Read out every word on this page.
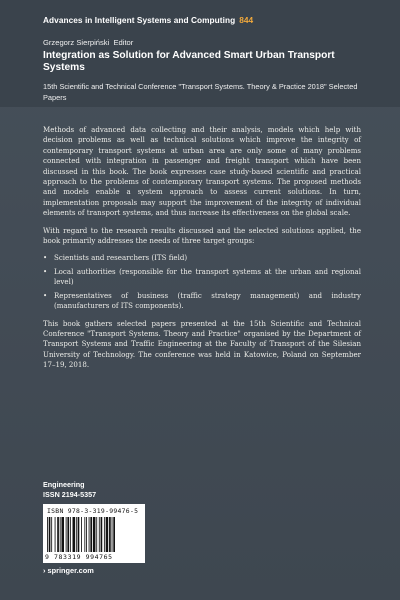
Advances in Intelligent Systems and Computing 844
Grzegorz Sierpiński  Editor
Integration as Solution for Advanced Smart Urban Transport Systems
15th Scientific and Technical Conference "Transport Systems. Theory & Practice 2018" Selected Papers

Methods of advanced data collecting and their analysis, models which help with decision problems as well as technical solutions which improve the integrity of contemporary transport systems at urban area are only some of many problems connected with integration in passenger and freight transport which have been discussed in this book. The book expresses case study-based scientific and practical approach to the problems of contemporary transport systems. The proposed methods and models enable a system approach to assess current solutions. In turn, implementation proposals may support the improvement of the integrity of individual elements of transport systems, and thus increase its effectiveness on the global scale.

With regard to the research results discussed and the selected solutions applied, the book primarily addresses the needs of three target groups:

• Scientists and researchers (ITS field)
• Local authorities (responsible for the transport systems at the urban and regional level)
• Representatives of business (traffic strategy management) and industry (manufacturers of ITS components).

This book gathers selected papers presented at the 15th Scientific and Technical Conference "Transport Systems. Theory and Practice" organised by the Department of Transport Systems and Traffic Engineering at the Faculty of Transport of the Silesian University of Technology. The conference was held in Katowice, Poland on September 17–19, 2018.

Engineering
ISSN 2194-5357
ISBN 978-3-319-99476-5
9 783319 994765
› springer.com
